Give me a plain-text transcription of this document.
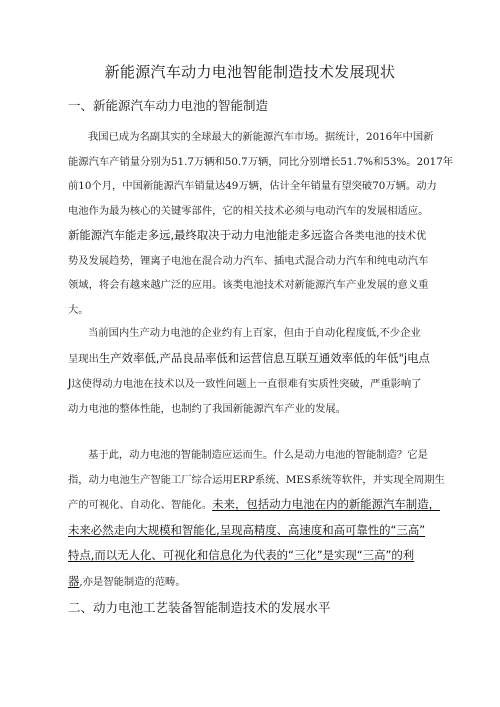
新能源汽车动力电池智能制造技术发展现状
一、新能源汽车动力电池的智能制造
我国已成为名副其实的全球最大的新能源汽车市场。据统计，2016年中国新
能源汽车产销量分别为51.7万辆和50.7万辆，同比分别增长51.7%和53%。2017年
前10个月，中国新能源汽车销量达49万辆，估计全年销量有望突破70万辆。动力
电池作为最为核心的关键零部件，它的相关技术必须与电动汽车的发展相适应。
新能源汽车能走多远,最终取决于动力电池能走多远盗合各类电池的技术优
势及发展趋势，锂离子电池在混合动力汽车、插电式混合动力汽车和纯电动汽车
领域，将会有越来越广泛的应用。该类电池技术对新能源汽车产业发展的意义重
大。
当前国内生产动力电池的企业约有上百家，但由于自动化程度低,不少企业
呈现出生产效率低,产品良品率低和运营信息互联互通效率低的年低"j电点
J这使得动力电池在技术以及一致性问题上一直很难有实质性突破，严重影响了
动力电池的整体性能，也制约了我国新能源汽车产业的发展。
基于此，动力电池的智能制造应运而生。什么是动力电池的智能制造？它是
指，动力电池生产智能工厂综合运用ERP系统、MES系统等软件，并实现全周期生
产的可视化、自动化、智能化。未来，包括动力电池在内的新能源汽车制造，
未来必然走向大规模和智能化,呈现高精度、高速度和高可靠性的“三高”
特点,而以无人化、可视化和信息化为代表的“三化”是实现“三高”的利
器,亦是智能制造的范畴。
二、动力电池工艺装备智能制造技术的发展水平
